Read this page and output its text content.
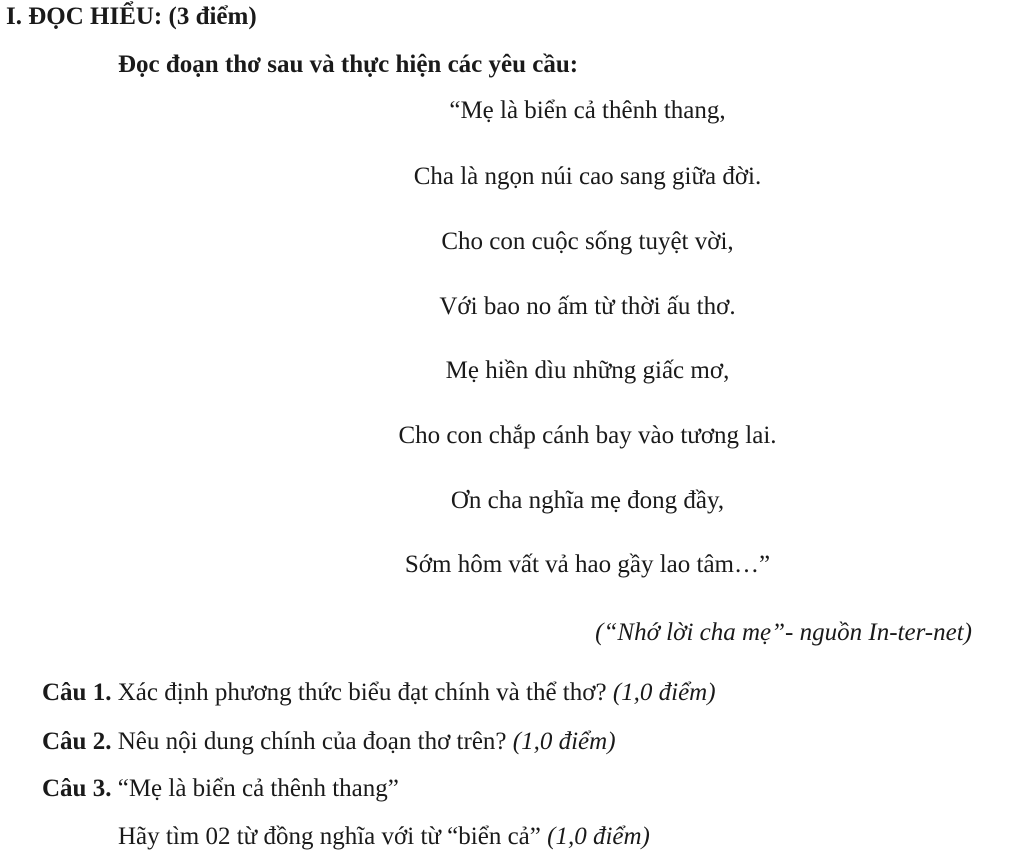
I. ĐỌC HIỂU: (3 điểm)
Đọc đoạn thơ sau và thực hiện các yêu cầu:
“Mẹ là biển cả thênh thang,
Cha là ngọn núi cao sang giữa đời.
Cho con cuộc sống tuyệt vời,
Với bao no ấm từ thời ấu thơ.
Mẹ hiền dìu những giấc mơ,
Cho con chắp cánh bay vào tương lai.
Ơn cha nghĩa mẹ đong đầy,
Sớm hôm vất vả hao gầy lao tâm…”
(“Nhớ lời cha mẹ”- nguồn In-ter-net)
Câu 1. Xác định phương thức biểu đạt chính và thể thơ? (1,0 điểm)
Câu 2. Nêu nội dung chính của đoạn thơ trên? (1,0 điểm)
Câu 3. “Mẹ là biển cả thênh thang”
Hãy tìm 02 từ đồng nghĩa với từ “biển cả” (1,0 điểm)
